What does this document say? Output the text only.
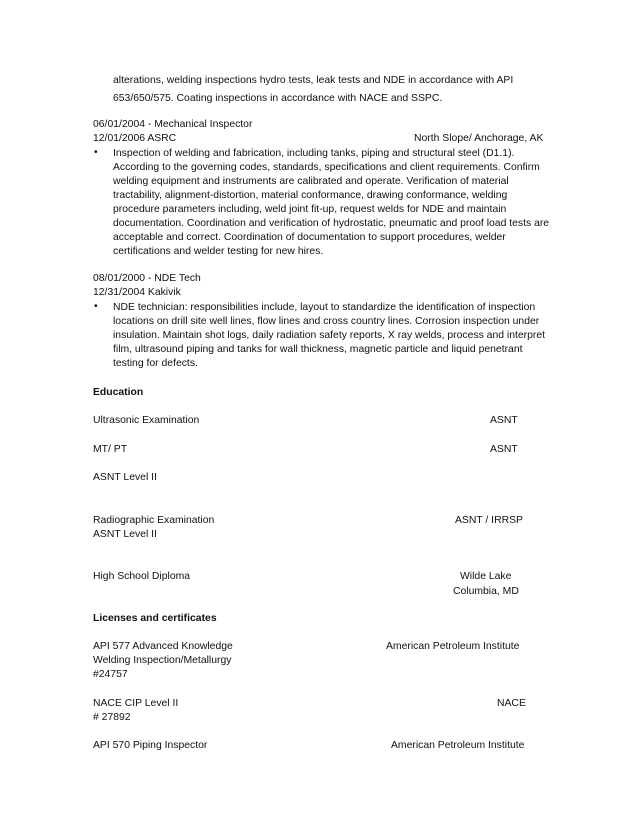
alterations, welding inspections hydro tests, leak tests and NDE in accordance with API
653/650/575. Coating inspections in accordance with NACE and SSPC.
06/01/2004 - Mechanical Inspector
12/01/2006 ASRC	North Slope/ Anchorage, AK
• Inspection of welding and fabrication, including tanks, piping and structural steel (D1.1).
According to the governing codes, standards, specifications and client requirements. Confirm
welding equipment and instruments are calibrated and operate. Verification of material
tractability, alignment-distortion, material conformance, drawing conformance, welding
procedure parameters including, weld joint fit-up, request welds for NDE and maintain
documentation. Coordination and verification of hydrostatic, pneumatic and proof load tests are
acceptable and correct. Coordination of documentation to support procedures, welder
certifications and welder testing for new hires.
08/01/2000 - NDE Tech
12/31/2004 Kakivik
• NDE technician: responsibilities include, layout to standardize the identification of inspection
locations on drill site well lines, flow lines and cross country lines. Corrosion inspection under
insulation. Maintain shot logs, daily radiation safety reports, X ray welds, process and interpret
film, ultrasound piping and tanks for wall thickness, magnetic particle and liquid penetrant
testing for defects.
Education
Ultrasonic Examination	ASNT
MT/ PT	ASNT
ASNT Level II
Radiographic Examination	ASNT / IRRSP
ASNT Level II
High School Diploma	Wilde Lake
Columbia, MD
Licenses and certificates
API 577 Advanced Knowledge	American Petroleum Institute
Welding Inspection/Metallurgy
#24757
NACE CIP Level II	NACE
# 27892
API 570 Piping Inspector	American Petroleum Institute
